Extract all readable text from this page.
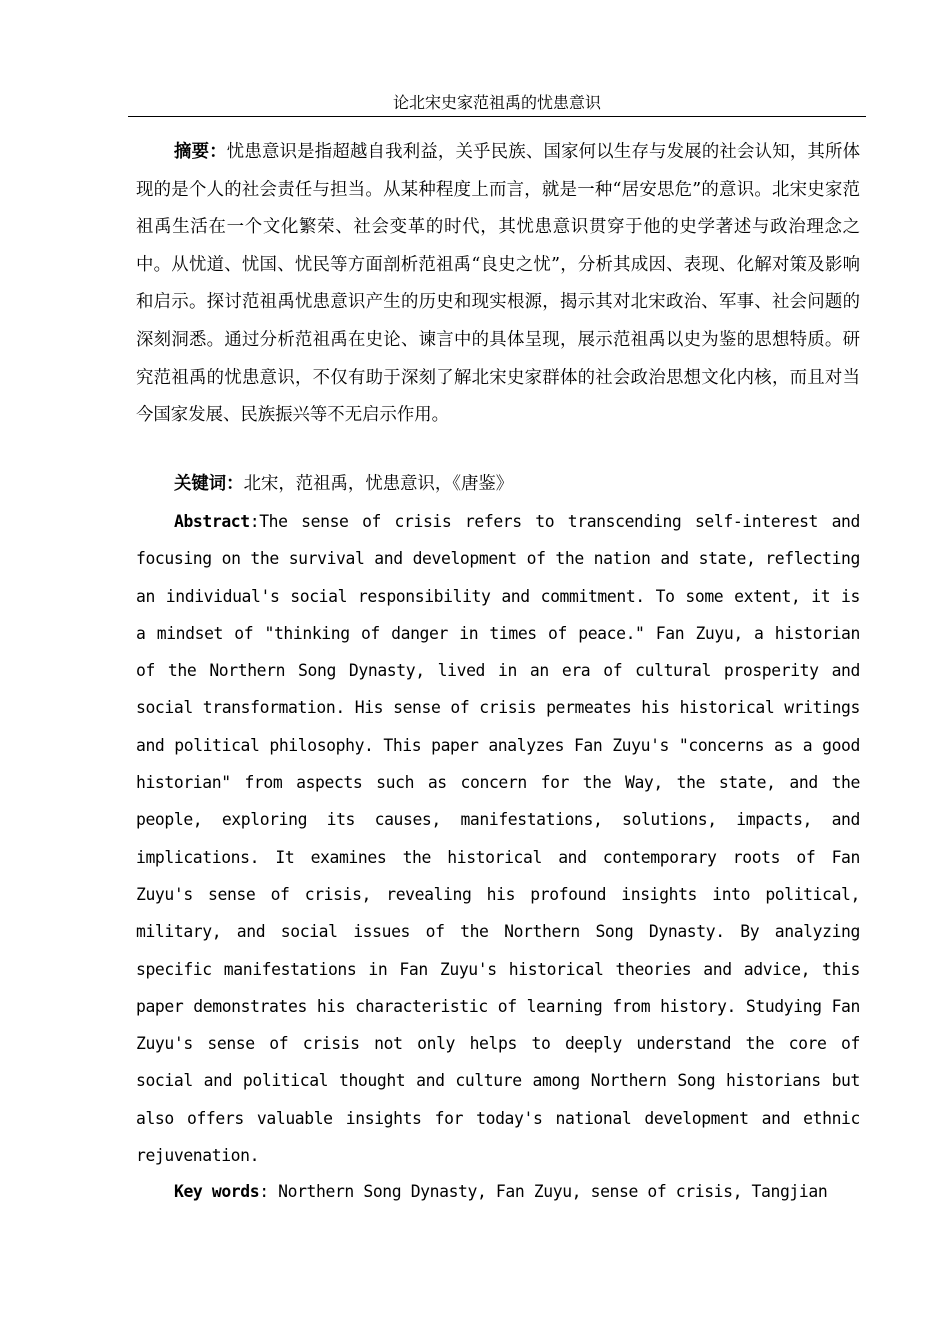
论北宋史家范祖禹的忧患意识

摘要：忧患意识是指超越自我利益，关乎民族、国家何以生存与发展的社会认知，其所体现的是个人的社会责任与担当。从某种程度上而言，就是一种“居安思危”的意识。北宋史家范祖禹生活在一个文化繁荣、社会变革的时代，其忧患意识贯穿于他的史学著述与政治理念之中。从忧道、忧国、忧民等方面剖析范祖禹“良史之忧”，分析其成因、表现、化解对策及影响和启示。探讨范祖禹忧患意识产生的历史和现实根源，揭示其对北宋政治、军事、社会问题的深刻洞悉。通过分析范祖禹在史论、谏言中的具体呈现，展示范祖禹以史为鉴的思想特质。研究范祖禹的忧患意识，不仅有助于深刻了解北宋史家群体的社会政治思想文化内核，而且对当今国家发展、民族振兴等不无启示作用。

关键词：北宋，范祖禹，忧患意识，《唐鉴》

Abstract:The sense of crisis refers to transcending self-interest and focusing on the survival and development of the nation and state, reflecting an individual's social responsibility and commitment. To some extent, it is a mindset of "thinking of danger in times of peace." Fan Zuyu, a historian of the Northern Song Dynasty, lived in an era of cultural prosperity and social transformation. His sense of crisis permeates his historical writings and political philosophy. This paper analyzes Fan Zuyu's "concerns as a good historian" from aspects such as concern for the Way, the state, and the people, exploring its causes, manifestations, solutions, impacts, and implications. It examines the historical and contemporary roots of Fan Zuyu's sense of crisis, revealing his profound insights into political, military, and social issues of the Northern Song Dynasty. By analyzing specific manifestations in Fan Zuyu's historical theories and advice, this paper demonstrates his characteristic of learning from history. Studying Fan Zuyu's sense of crisis not only helps to deeply understand the core of social and political thought and culture among Northern Song historians but also offers valuable insights for today's national development and ethnic rejuvenation.

Key words: Northern Song Dynasty, Fan Zuyu, sense of crisis, Tangjian
